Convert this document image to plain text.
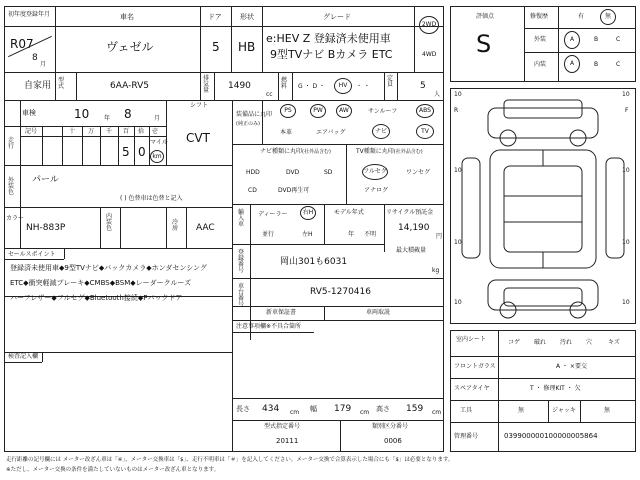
初年度登録年月
R07
8
月
車名
ヴェゼル
ドア
5
形状
HB
グレード
e:HEV Z 登録済未使用車
9型TVナビ Bカメラ ETC
2WD
4WD
自家用
型式	6AA-RV5
排気量 1490
cc
燃料 G ・ D ・ HV ・ ・
定員	5
人
車検	10 年 8	月
シフト
CVT
走行
記号	十 万 千 百 拾 壱
5 0
マイル
km
外装色
パール
( ) 色替車は色替と記入
カラー
NH-883P
内装色
冷房 AAC
セールスポイント
登録済未使用車◆9型TVナビ◆バックカメラ◆ホンダセンシング
ETC◆衝突軽減ブレーキ◆CMBS◆BSM◆レーダークルーズ
ハーフレザー◆フルセグ◆Bluetooth接続◆Pバックドア
検査記入欄
装備品に丸印
(純正のみ)
PS	PW	AW	サンルーフ	ABS
本革	エアバッグ	ナビ	TV
ナビ種類に丸印(社外品含む)
HDD	DVD	SD
CD	DVD再生可
TV種類に丸印(社外品含む)
フルセグ	ワンセグ
アナログ
輸入車
ディーラー	右H
並行	左H
モデル年式
年 不明
リサイクル預託金
14,190
円
登録番号
岡山301も6031
最大積載量
kg
車台番号
RV5-1270416
新車保証書	車両取説
注意事項欄※不具合箇所
長さ 434 cm 幅 179 cm 高さ 159 cm
型式指定番号
20111
類別区分番号
0006
評価点
S
修復歴	有	無
外装	A	B	C
内装	A	B	C
R	F
10	10
10	10
10	10
10	10
室内シート	コゲ 破れ 汚れ 穴	キズ
フロントガラス	A ・ ×要交
スペアタイヤ	T ・ 修理KIT ・ 欠
工具	無	ジャッキ	無
管理番号	039900000100000005864
走行距離の記号欄には メーター改ざん車は「※」、メーター交換車は「$」、走行不明車は「＃」を記入してください。メーター交換で合算表示した場合にも「$」は必要となります。
※ただし、メーター交換の条件を満たしていないものはメーター改ざん車となります。
